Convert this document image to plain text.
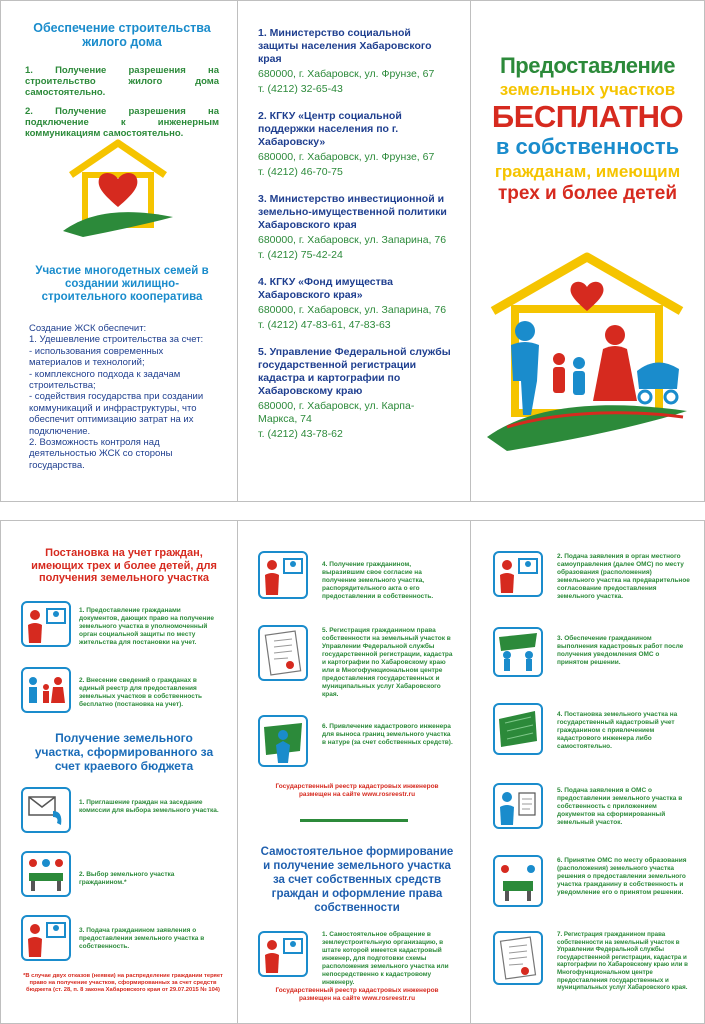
Обеспечение строительства жилого дома

1. Получение разрешения на строительство жилого дома самостоятельно.

2. Получение разрешения на подключение к инженерным коммуникациям самостоятельно.

Участие многодетных семей в создании жилищно-строительного кооператива

Создание ЖСК обеспечит:

1. Удешевление строительства за счет:

- использования современных материалов и технологий;

- комплексного подхода к задачам строительства;

- содействия государства при создании коммуникаций и инфраструктуры, что обеспечит оптимизацию затрат на их подключение.

2. Возможность контроля над деятельностью ЖСК со стороны государства.

1. Министерство социальной защиты населения Хабаровского края
680000, г. Хабаровск, ул. Фрунзе, 67
т. (4212) 32-65-43
2. КГКУ «Центр социальной поддержки населения по г. Хабаровску»
680000, г. Хабаровск, ул. Фрунзе, 67
т. (4212) 46-70-75
3. Министерство инвестиционной и земельно-имущественной политики Хабаровского края
680000, г. Хабаровск, ул. Запарина, 76
т. (4212) 75-42-24
4. КГКУ «Фонд имущества Хабаровского края»
680000, г. Хабаровск, ул. Запарина, 76
т. (4212) 47-83-61, 47-83-63
5. Управление Федеральной службы государственной регистрации кадастра и картографии по Хабаровскому краю
680000, г. Хабаровск, ул. Карпа-Маркса, 74
т. (4212) 43-78-62
Предоставление
земельных участков
БЕСПЛАТНО
в собственность
гражданам, имеющим
трех и более детей
Постановка на учет граждан, имеющих трех и более детей, для получения земельного участка
1. Предоставление гражданами документов, дающих право на получение земельного участка в уполномоченный орган социальной защиты по месту жительства для постановки на учет.
2. Внесение сведений о гражданах в единый реестр для предоставления земельных участков в собственность бесплатно (постановка на учет).
Получение земельного участка, сформированного за счет краевого бюджета
1. Приглашение граждан на заседание комиссии для выбора земельного участка.
2. Выбор земельного участка гражданином.*
3. Подача гражданином заявления о предоставлении земельного участка в собственность.
*В случае двух отказов (неявки) на распределение граждании теряет право на получение участков, сформированных за счет средств бюджета (ст. 28, п. 8 закона Хабаровского края от 29.07.2015 № 104)
4. Получение гражданином, выразившим свое согласие на получение земельного участка, распорядительного акта о его предоставлении в собственность.
5. Регистрация гражданином права собственности на земельный участок в Управлении Федеральной службы государственной регистрации, кадастра и картографии по Хабаровскому краю или в Многофункциональном центре предоставления государственных и муниципальных услуг Хабаровского края.
6. Привлечение кадастрового инженера для выноса границ земельного участка в натуре (за счет собственных средств).
Государственный реестр кадастровых инженеров размещен на сайте www.rosreestr.ru
Самостоятельное формирование и получение земельного участка за счет собственных средств граждан и оформление права собственности
1. Самостоятельное обращение в землеустроительную организацию, в штате которой имеется кадастровый инженер, для подготовки схемы расположения земельного участка или непосредственно к кадастровому инженеру.
Государственный реестр кадастровых инженеров размещен на сайте www.rosreestr.ru
2. Подача заявления в орган местного самоуправления (далее ОМС) по месту образования (расположения) земельного участка на предварительное согласование предоставления земельного участка.
3. Обеспечение гражданином выполнения кадастровых работ после получения уведомления ОМС о принятом решении.
4. Постановка земельного участка на государственный кадастровый учет гражданином с привлечением кадастрового инженера либо самостоятельно.
5. Подача заявления в ОМС о предоставлении земельного участка в собственность с приложением документов на сформированный земельный участок.
6. Принятие ОМС по месту образования (расположения) земельного участка решения о предоставлении земельного участка гражданину в собственность и уведомление его о принятом решении.
7. Регистрация гражданином права собственности на земельный участок в Управлении Федеральной службы государственной регистрации, кадастра и картографии по Хабаровскому краю или в Многофункциональном центре предоставления государственных и муниципальных услуг Хабаровского края.
